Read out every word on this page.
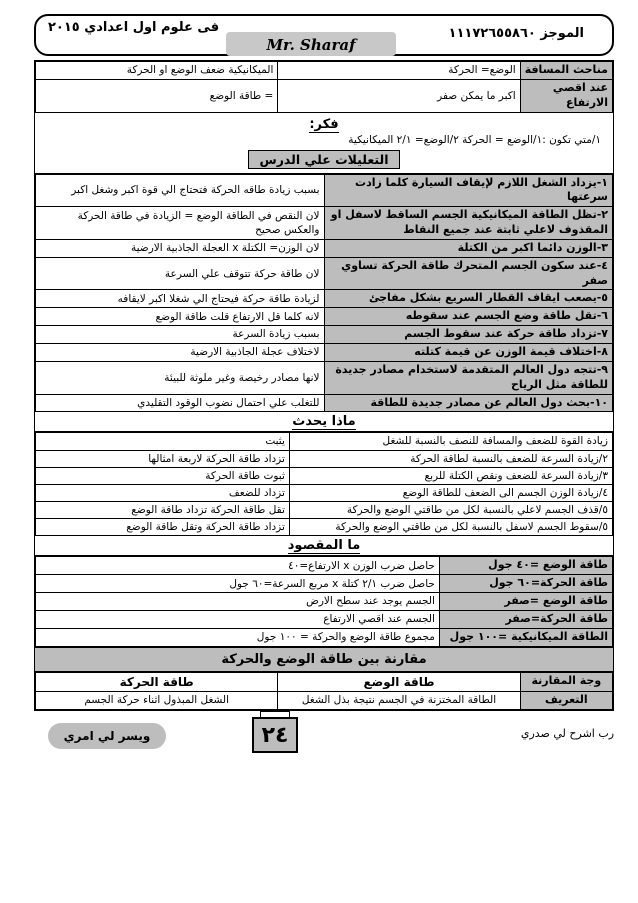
الموجز ١١١٧٢٦٥٥٨٦٠
Mr. Sharaf
فى علوم اول اعدادي ٢٠١٥
مناحث المسافة	الوضع= الحركة	الميكانيكية ضعف الوضع او الحركة
عند اقصي الارتفاع	اكبر ما يمكن صفر	= طاقة الوضع
فكر:
١/متي تكون :١/الوضع = الحركة ٢/الوضع= ٢/١ الميكانيكية
التعليلات علي الدرس
١-يزداد الشغل اللازم لإيقاف السيارة كلما زادت سرعتها	بسبب زيادة طاقه الحركة فتحتاج الي قوة اكبر وشغل اكبر
٢-تظل الطاقة الميكانيكية الجسم الساقط لاسفل او المقذوف لاعلي ثابتة عند جميع النقاط	لان النقص في الطاقة الوضع = الزيادة في طاقة الحركة والعكس صحيح
٣-الوزن دائما اكبر من الكتلة	لان الوزن= الكتلة x العجلة الجاذبية الارضية
٤-عند سكون الجسم المتحرك طاقة الحركة تساوي صفر	لان طاقة حركة تتوقف علي السرعة
٥-يصعب ايقاف القطار السريع بشكل مفاجئ	لزيادة طاقة حركة فيحتاج الي شغلا اكبر لايقافه
٦-تقل طاقة وضع الجسم عند سقوطه	لانه كلما قل الارتفاع قلت طاقة الوضع
٧-تزداد طاقة حركة عند سقوط الجسم	بسبب زيادة السرعة
٨-اختلاف قيمة الوزن عن قيمة كتلته	لاختلاف عجلة الجاذبية الارضية
٩-تتجه دول العالم المتقدمة لاستخدام مصادر جديدة للطاقة مثل الرياح	لانها مصادر رخيصة وغير ملوثة للبيئة
١٠-بحث دول العالم عن مصادر جديدة للطاقة	للتغلب علي احتمال نضوب الوقود التقليدي
ماذا يحدث
زيادة القوة للضعف والمسافة للنصف بالنسبة للشغل	يثبت
٢/زيادة السرعة للضعف بالنسبة لطاقة الحركة	تزداد طاقة الحركة لاربعة امثالها
٣/زيادة السرعة للضعف ونقص الكتلة للربع	ثبوت طاقة الحركة
٤/زيادة الوزن الجسم الى الضعف للطاقة الوضع	تزداد للضعف
٥/قذف الجسم لاعلي بالنسبة لكل من طاقتي الوضع والحركة	تقل طاقة الحركة تزداد طاقة الوضع
٥/سقوط الجسم لاسفل بالنسبة لكل من طاقتي الوضع والحركة	تزداد طاقة الحركة وتقل طاقة الوضع
ما المقصود
طاقة الوضع =٤٠ جول	حاصل ضرب الوزن x الارتفاع=٤٠
طاقة الحركة=٦٠ جول	حاصل ضرب ٢/١ كتلة x مربع السرعة=٦٠ جول
طاقة الوضع =صفر	الجسم يوجد عند سطح الارض
طاقة الحركة=صفر	الجسم عند اقصي الارتفاع
الطاقة الميكانيكية =١٠٠ جول	مجموع طاقة الوضع والحركة = ١٠٠ جول
مقارنة بين طاقة الوضع والحركة
وجة المقارنة	طاقة الوضع	طاقة الحركة
التعريف	الطاقة المختزنة في الجسم نتيجة بذل الشغل	الشغل المبذول اثناء حركة الجسم
رب اشرح لي صدري
٢٤
ويسر لي امري
